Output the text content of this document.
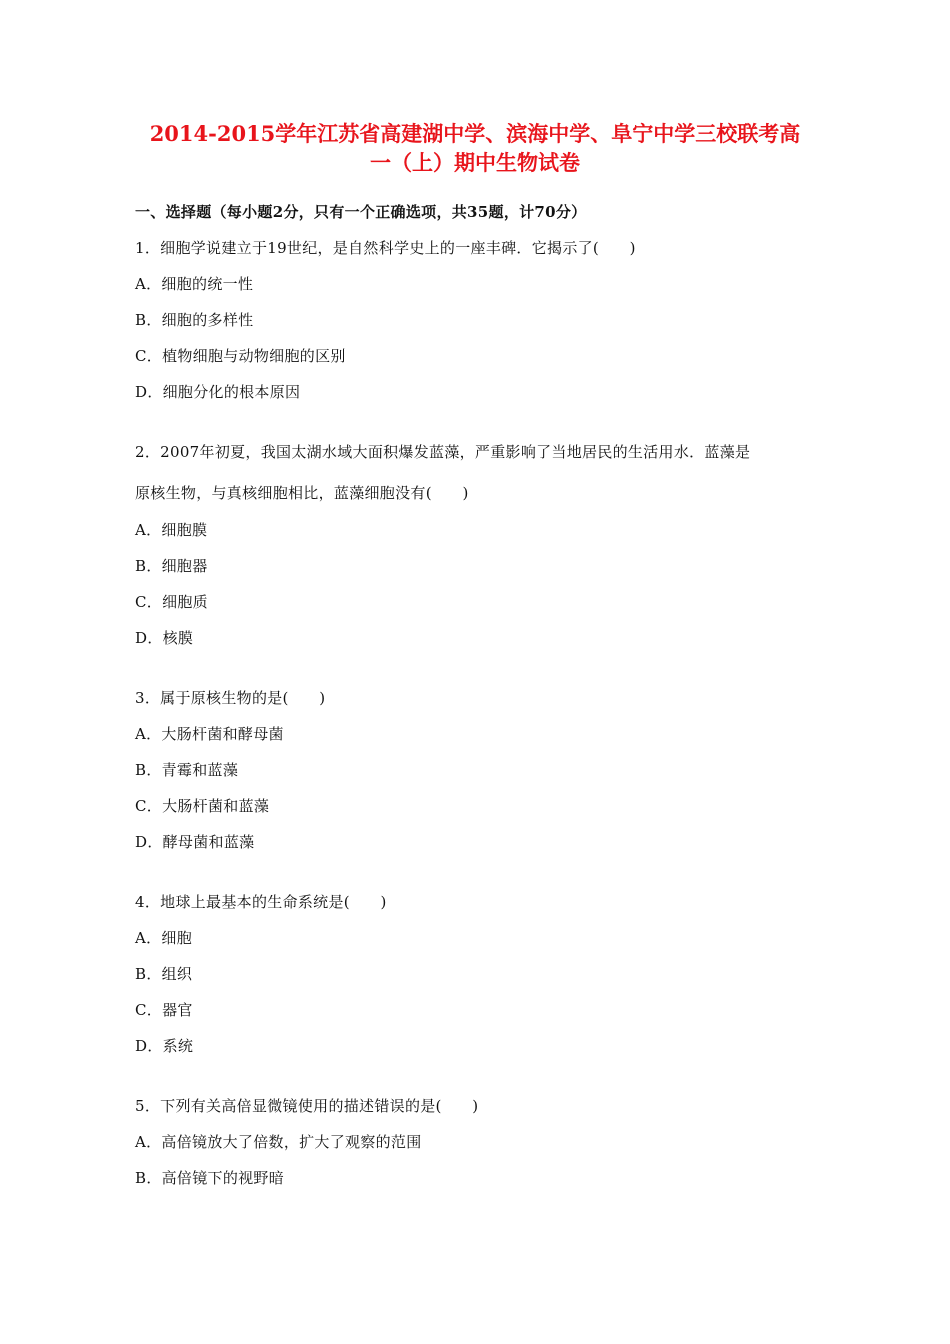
2014-2015学年江苏省高建湖中学、滨海中学、阜宁中学三校联考高
一（上）期中生物试卷
一、选择题（每小题2分，只有一个正确选项，共35题，计70分）
1．细胞学说建立于19世纪，是自然科学史上的一座丰碑．它揭示了(　　)
A．细胞的统一性
B．细胞的多样性
C．植物细胞与动物细胞的区别
D．细胞分化的根本原因
2．2007年初夏，我国太湖水域大面积爆发蓝藻，严重影响了当地居民的生活用水．蓝藻是
原核生物，与真核细胞相比，蓝藻细胞没有(　　)
A．细胞膜
B．细胞器
C．细胞质
D．核膜
3．属于原核生物的是(　　)
A．大肠杆菌和酵母菌
B．青霉和蓝藻
C．大肠杆菌和蓝藻
D．酵母菌和蓝藻
4．地球上最基本的生命系统是(　　)
A．细胞
B．组织
C．器官
D．系统
5．下列有关高倍显微镜使用的描述错误的是(　　)
A．高倍镜放大了倍数，扩大了观察的范围
B．高倍镜下的视野暗
